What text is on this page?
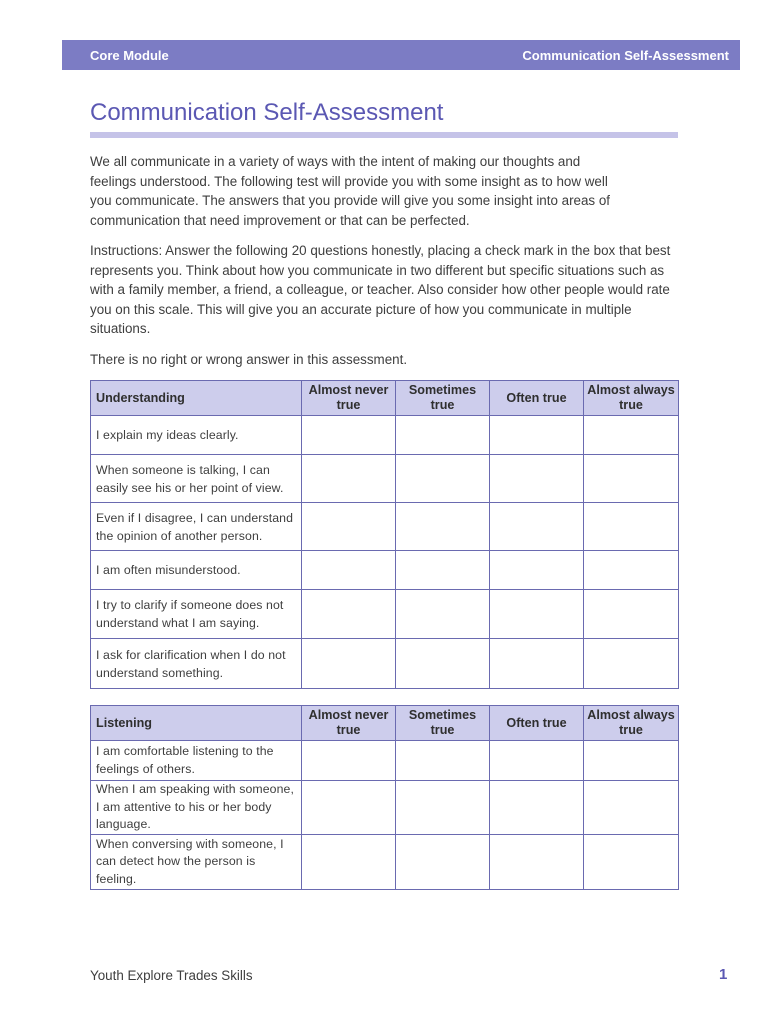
Core Module	Communication Self-Assessment
Communication Self-Assessment

We all communicate in a variety of ways with the intent of making our thoughts and feelings understood. The following test will provide you with some insight as to how well you communicate. The answers that you provide will give you some insight into areas of communication that need improvement or that can be perfected.

Instructions: Answer the following 20 questions honestly, placing a check mark in the box that best represents you. Think about how you communicate in two different but specific situations such as with a family member, a friend, a colleague, or teacher. Also consider how other people would rate you on this scale. This will give you an accurate picture of how you communicate in multiple situations.

There is no right or wrong answer in this assessment.

Understanding	Almost never true	Sometimes true	Often true	Almost always true
I explain my ideas clearly.				
When someone is talking, I can easily see his or her point of view.				
Even if I disagree, I can understand the opinion of another person.				
I am often misunderstood.				
I try to clarify if someone does not understand what I am saying.				
I ask for clarification when I do not understand something.				
Listening	Almost never true	Sometimes true	Often true	Almost always true
I am comfortable listening to the feelings of others.				
When I am speaking with someone, I am attentive to his or her body language.				
When conversing with someone, I can detect how the person is feeling.				
Youth Explore Trades Skills	1
